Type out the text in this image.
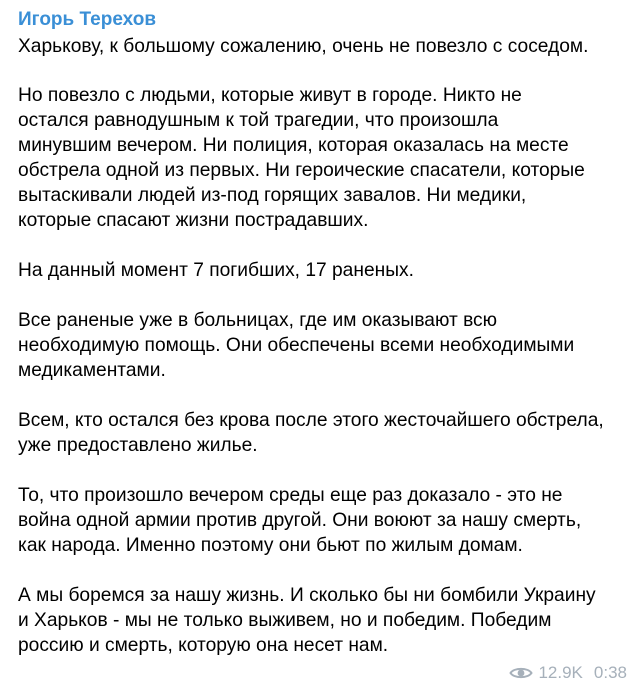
Игорь Терехов

Харькову, к большому сожалению, очень не повезло с соседом.

Но повезло с людьми, которые живут в городе. Никто не
остался равнодушным к той трагедии, что произошла
минувшим вечером. Ни полиция, которая оказалась на месте
обстрела одной из первых. Ни героические спасатели, которые
вытаскивали людей из-под горящих завалов. Ни медики,
которые спасают жизни пострадавших.

На данный момент 7 погибших, 17 раненых.

Все раненые уже в больницах, где им оказывают всю
необходимую помощь. Они обеспечены всеми необходимыми
медикаментами.

Всем, кто остался без крова после этого жесточайшего обстрела,
уже предоставлено жилье.

То, что произошло вечером среды еще раз доказало - это не
война одной армии против другой. Они воюют за нашу смерть,
как народа. Именно поэтому они бьют по жилым домам.

А мы боремся за нашу жизнь. И сколько бы ни бомбили Украину
и Харьков - мы не только выживем, но и победим. Победим
россию и смерть, которую она несет нам.

12.9K 0:38
